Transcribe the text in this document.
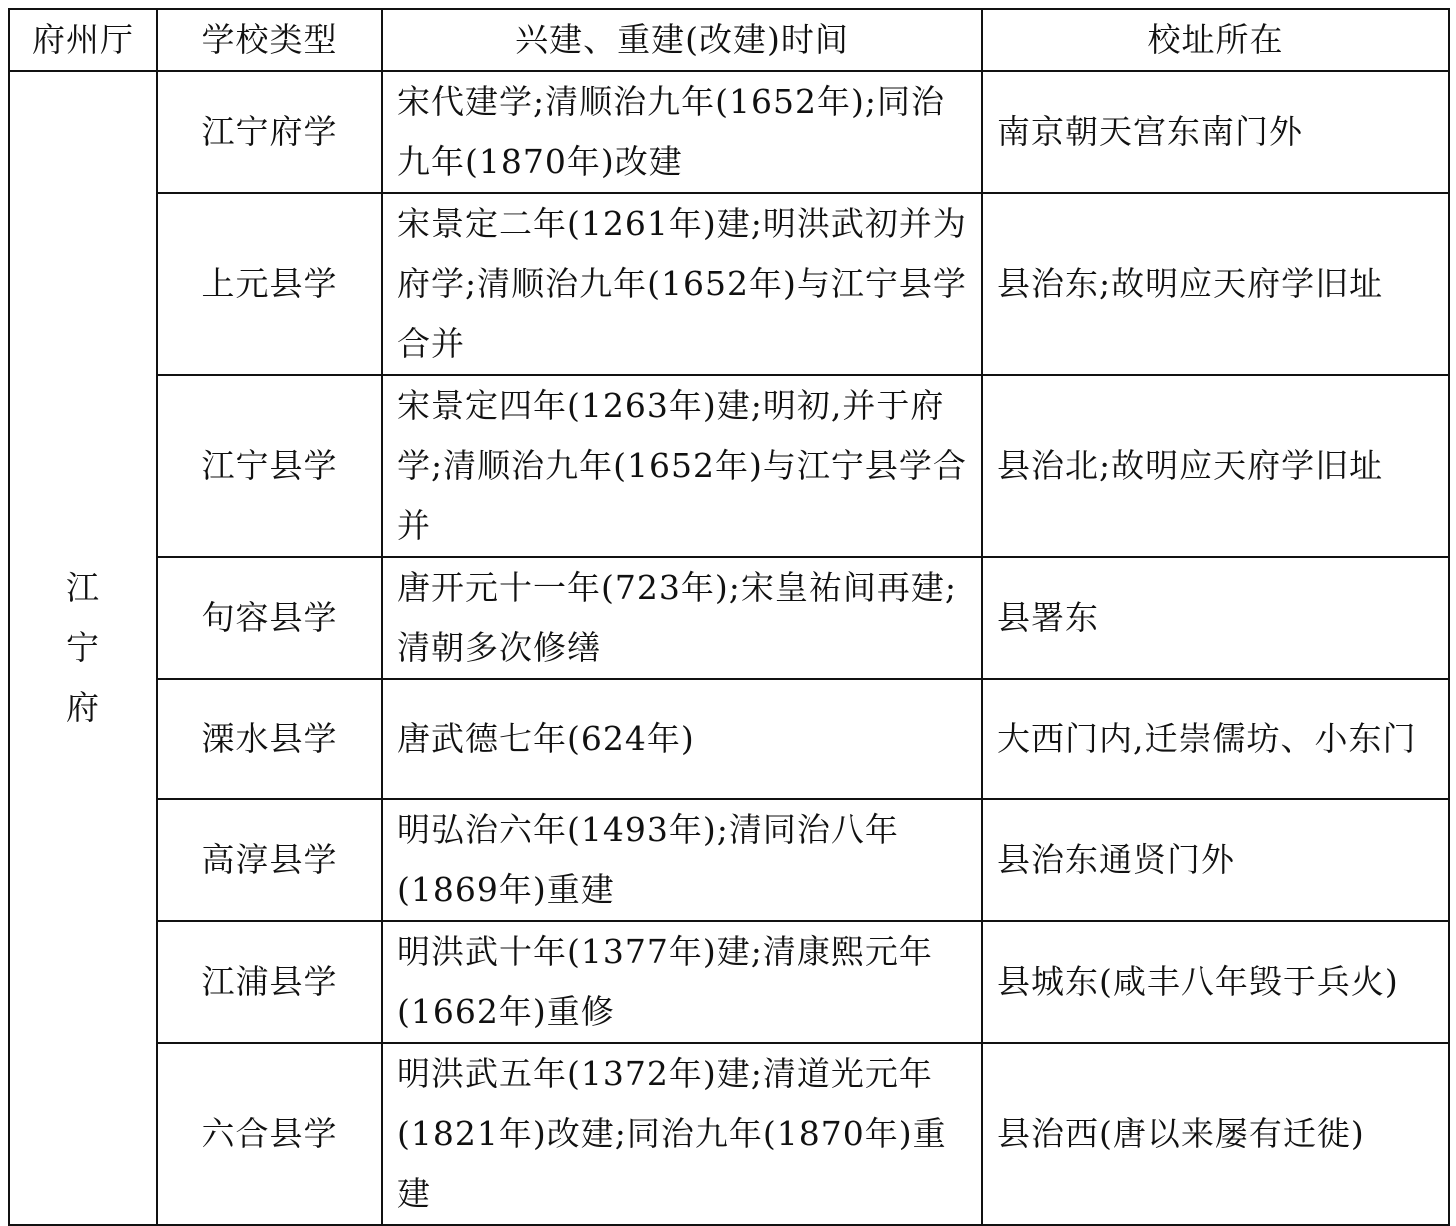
府州厅	学校类型	兴建、重建(改建)时间	校址所在
江宁府	江宁府学	宋代建学;清顺治九年(1652年);同治九年(1870年)改建	南京朝天宫东南门外
	上元县学	宋景定二年(1261年)建;明洪武初并为府学;清顺治九年(1652年)与江宁县学合并	县治东;故明应天府学旧址
	江宁县学	宋景定四年(1263年)建;明初,并于府学;清顺治九年(1652年)与江宁县学合并	县治北;故明应天府学旧址
	句容县学	唐开元十一年(723年);宋皇祐间再建;清朝多次修缮	县署东
	溧水县学	唐武德七年(624年)	大西门内,迁崇儒坊、小东门
	高淳县学	明弘治六年(1493年);清同治八年(1869年)重建	县治东通贤门外
	江浦县学	明洪武十年(1377年)建;清康熙元年(1662年)重修	县城东(咸丰八年毁于兵火)
	六合县学	明洪武五年(1372年)建;清道光元年(1821年)改建;同治九年(1870年)重建	县治西(唐以来屡有迁徙)
